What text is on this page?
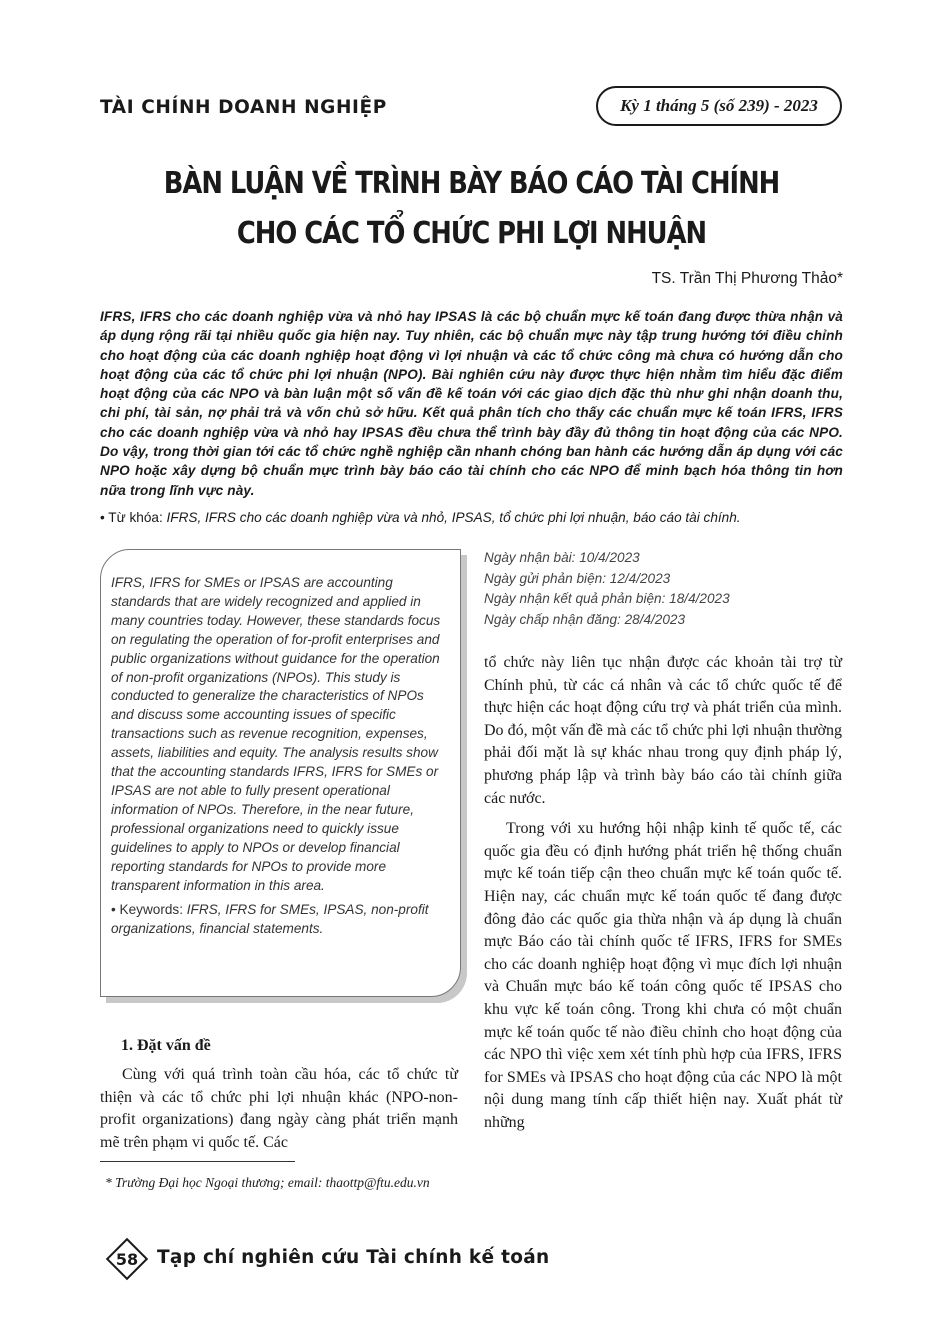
TÀI CHÍNH DOANH NGHIỆP	Kỳ 1 tháng 5 (số 239) - 2023
BÀN LUẬN VỀ TRÌNH BÀY BÁO CÁO TÀI CHÍNH
CHO CÁC TỔ CHỨC PHI LỢI NHUẬN
TS. Trần Thị Phương Thảo*
IFRS, IFRS cho các doanh nghiệp vừa và nhỏ hay IPSAS là các bộ chuẩn mực kế toán đang được thừa nhận và áp dụng rộng rãi tại nhiều quốc gia hiện nay. Tuy nhiên, các bộ chuẩn mực này tập trung hướng tới điều chỉnh cho hoạt động của các doanh nghiệp hoạt động vì lợi nhuận và các tổ chức công mà chưa có hướng dẫn cho hoạt động của các tổ chức phi lợi nhuận (NPO). Bài nghiên cứu này được thực hiện nhằm tìm hiểu đặc điểm hoạt động của các NPO và bàn luận một số vấn đề kế toán với các giao dịch đặc thù như ghi nhận doanh thu, chi phí, tài sản, nợ phải trả và vốn chủ sở hữu. Kết quả phân tích cho thấy các chuẩn mực kế toán IFRS, IFRS cho các doanh nghiệp vừa và nhỏ hay IPSAS đều chưa thể trình bày đầy đủ thông tin hoạt động của các NPO. Do vậy, trong thời gian tới các tổ chức nghề nghiệp cần nhanh chóng ban hành các hướng dẫn áp dụng với các NPO hoặc xây dựng bộ chuẩn mực trình bày báo cáo tài chính cho các NPO để minh bạch hóa thông tin hơn nữa trong lĩnh vực này.
• Từ khóa: IFRS, IFRS cho các doanh nghiệp vừa và nhỏ, IPSAS, tổ chức phi lợi nhuận, báo cáo tài chính.
IFRS, IFRS for SMEs or IPSAS are accounting standards that are widely recognized and applied in many countries today. However, these standards focus on regulating the operation of for-profit enterprises and public organizations without guidance for the operation of non-profit organizations (NPOs). This study is conducted to generalize the characteristics of NPOs and discuss some accounting issues of specific transactions such as revenue recognition, expenses, assets, liabilities and equity. The analysis results show that the accounting standards IFRS, IFRS for SMEs or IPSAS are not able to fully present operational information of NPOs. Therefore, in the near future, professional organizations need to quickly issue guidelines to apply to NPOs or develop financial reporting standards for NPOs to provide more transparent information in this area.
• Keywords: IFRS, IFRS for SMEs, IPSAS, non-profit organizations, financial statements.
Ngày nhận bài: 10/4/2023
Ngày gửi phản biện: 12/4/2023
Ngày nhận kết quả phản biện: 18/4/2023
Ngày chấp nhận đăng: 28/4/2023

tổ chức này liên tục nhận được các khoản tài trợ từ Chính phủ, từ các cá nhân và các tổ chức quốc tế để thực hiện các hoạt động cứu trợ và phát triển của mình. Do đó, một vấn đề mà các tổ chức phi lợi nhuận thường phải đối mặt là sự khác nhau trong quy định pháp lý, phương pháp lập và trình bày báo cáo tài chính giữa các nước.

Trong với xu hướng hội nhập kinh tế quốc tế, các quốc gia đều có định hướng phát triển hệ thống chuẩn mực kế toán tiếp cận theo chuẩn mực kế toán quốc tế. Hiện nay, các chuẩn mực kế toán quốc tế đang được đông đảo các quốc gia thừa nhận và áp dụng là chuẩn mực Báo cáo tài chính quốc tế IFRS, IFRS for SMEs cho các doanh nghiệp hoạt động vì mục đích lợi nhuận và Chuẩn mực báo kế toán công quốc tế IPSAS cho khu vực kế toán công. Trong khi chưa có một chuẩn mực kế toán quốc tế nào điều chỉnh cho hoạt động của các NPO thì việc xem xét tính phù hợp của IFRS, IFRS for SMEs và IPSAS cho hoạt động của các NPO là một nội dung mang tính cấp thiết hiện nay. Xuất phát từ những

1. Đặt vấn đề
Cùng với quá trình toàn cầu hóa, các tổ chức từ thiện và các tổ chức phi lợi nhuận khác (NPO-non-profit organizations) đang ngày càng phát triển mạnh mẽ trên phạm vi quốc tế. Các
* Trường Đại học Ngoại thương; email: thaottp@ftu.edu.vn
58	Tạp chí nghiên cứu Tài chính kế toán
